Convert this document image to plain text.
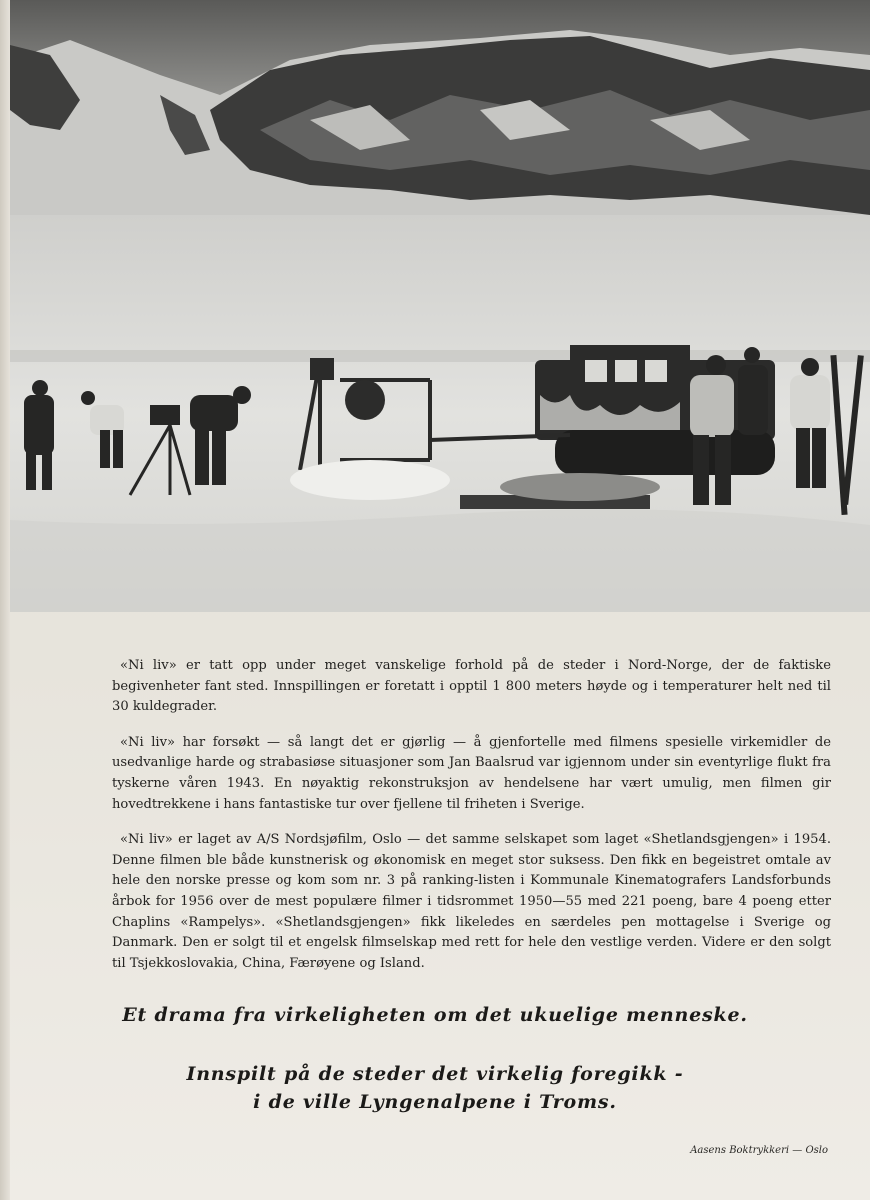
«Ni liv» er tatt opp under meget vanskelige forhold på de steder i Nord-Norge, der de faktiske begivenheter fant sted. Innspillingen er foretatt i opptil 1 800 meters høyde og i temperaturer helt ned til 30 kuldegrader.

«Ni liv» har forsøkt — så langt det er gjørlig — å gjenfortelle med filmens spesielle virkemidler de usedvanlige harde og strabasiøse situasjoner som Jan Baalsrud var igjennom under sin eventyrlige flukt fra tyskerne våren 1943. En nøyaktig rekonstruksjon av hendelsene har vært umulig, men filmen gir hovedtrekkene i hans fantastiske tur over fjellene til friheten i Sverige.

«Ni liv» er laget av A/S Nordsjøfilm, Oslo — det samme selskapet som laget «Shetlandsgjengen» i 1954. Denne filmen ble både kunstnerisk og økonomisk en meget stor suksess. Den fikk en begeistret omtale av hele den norske presse og kom som nr. 3 på ranking-listen i Kommunale Kinematografers Landsforbunds årbok for 1956 over de mest populære filmer i tidsrommet 1950—55 med 221 poeng, bare 4 poeng etter Chaplins «Rampelys». «Shetlandsgjengen» fikk likeledes en særdeles pen mottagelse i Sverige og Danmark. Den er solgt til et engelsk filmselskap med rett for hele den vestlige verden. Videre er den solgt til Tsjekkoslovakia, China, Færøyene og Island.

Et drama fra virkeligheten om det ukuelige menneske.
Innspilt på de steder det virkelig foregikk -
i de ville Lyngenalpene i Troms.
Aasens Boktrykkeri — Oslo
